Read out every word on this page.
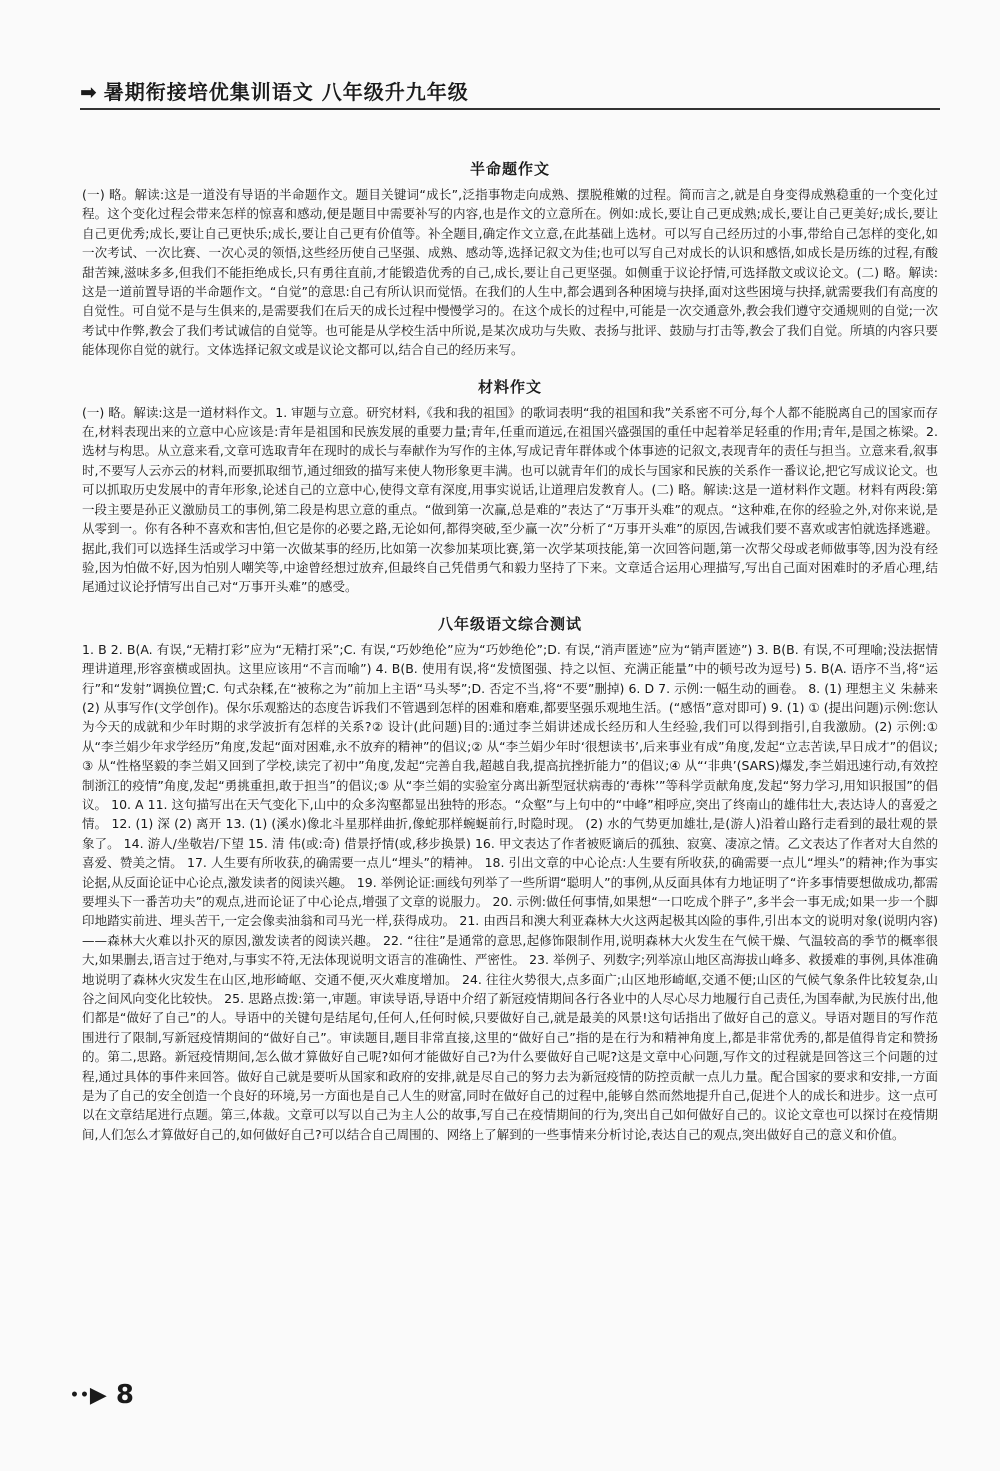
➡ 暑期衔接培优集训语文 八年级升九年级
半命题作文

(一) 略。解读:这是一道没有导语的半命题作文。题目关键词“成长”,泛指事物走向成熟、摆脱稚嫩的过程。简而言之,就是自身变得成熟稳重的一个变化过程。这个变化过程会带来怎样的惊喜和感动,便是题目中需要补写的内容,也是作文的立意所在。例如:成长,要让自己更成熟;成长,要让自己更美好;成长,要让自己更优秀;成长,要让自己更快乐;成长,要让自己更有价值等。补全题目,确定作文立意,在此基础上选材。可以写自己经历过的小事,带给自己怎样的变化,如一次考试、一次比赛、一次心灵的领悟,这些经历使自己坚强、成熟、感动等,选择记叙文为佳;也可以写自己对成长的认识和感悟,如成长是历练的过程,有酸甜苦辣,滋味多多,但我们不能拒绝成长,只有勇往直前,才能锻造优秀的自己,成长,要让自己更坚强。如侧重于议论抒情,可选择散文或议论文。(二) 略。解读:这是一道前置导语的半命题作文。“自觉”的意思:自己有所认识而觉悟。在我们的人生中,都会遇到各种困境与抉择,面对这些困境与抉择,就需要我们有高度的自觉性。可自觉不是与生俱来的,是需要我们在后天的成长过程中慢慢学习的。在这个成长的过程中,可能是一次交通意外,教会我们遵守交通规则的自觉;一次考试中作弊,教会了我们考试诚信的自觉等。也可能是从学校生活中所说,是某次成功与失败、表扬与批评、鼓励与打击等,教会了我们自觉。所填的内容只要能体现你自觉的就行。文体选择记叙文或是议论文都可以,结合自己的经历来写。

材料作文

(一) 略。解读:这是一道材料作文。1. 审题与立意。研究材料,《我和我的祖国》的歌词表明“我的祖国和我”关系密不可分,每个人都不能脱离自己的国家而存在,材料表现出来的立意中心应该是:青年是祖国和民族发展的重要力量;青年,任重而道远,在祖国兴盛强国的重任中起着举足轻重的作用;青年,是国之栋梁。2. 选材与构思。从立意来看,文章可选取青年在现时的成长与奉献作为写作的主体,写成记青年群体或个体事迹的记叙文,表现青年的责任与担当。立意来看,叙事时,不要写人云亦云的材料,而要抓取细节,通过细致的描写来使人物形象更丰满。也可以就青年们的成长与国家和民族的关系作一番议论,把它写成议论文。也可以抓取历史发展中的青年形象,论述自己的立意中心,使得文章有深度,用事实说话,让道理启发教育人。(二) 略。解读:这是一道材料作文题。材料有两段:第一段主要是孙正义激励员工的事例,第二段是构思立意的重点。“做到第一次赢,总是难的”表达了“万事开头难”的观点。“这种难,在你的经验之外,对你来说,是从零到一。你有各种不喜欢和害怕,但它是你的必要之路,无论如何,都得突破,至少赢一次”分析了“万事开头难”的原因,告诫我们要不喜欢或害怕就选择逃避。据此,我们可以选择生活或学习中第一次做某事的经历,比如第一次参加某项比赛,第一次学某项技能,第一次回答问题,第一次帮父母或老师做事等,因为没有经验,因为怕做不好,因为怕别人嘲笑等,中途曾经想过放弃,但最终自己凭借勇气和毅力坚持了下来。文章适合运用心理描写,写出自己面对困难时的矛盾心理,结尾通过议论抒情写出自己对“万事开头难”的感受。

八年级语文综合测试

1. B 2. B(A. 有误,“无精打彩”应为“无精打采”;C. 有误,“巧妙绝伦”应为“巧妙绝伦”;D. 有误,“消声匿迹”应为“销声匿迹”) 3. B(B. 有误,不可理喻;没法据情理讲道理,形容蛮横或固执。这里应该用“不言而喻”) 4. B(B. 使用有误,将“发愤图强、持之以恒、充满正能量”中的顿号改为逗号) 5. B(A. 语序不当,将“运行”和“发射”调换位置;C. 句式杂糅,在“被称之为”前加上主语“马头琴”;D. 否定不当,将“不要”删掉) 6. D 7. 示例:一幅生动的画卷。 8. (1) 理想主义 朱赫来 (2) 从事写作(文学创作)。保尔乐观豁达的态度告诉我们不管遇到怎样的困难和磨难,都要坚强乐观地生活。(“感悟”意对即可) 9. (1) ① (提出问题)示例:您认为今天的成就和少年时期的求学波折有怎样的关系?② 设计(此问题)目的:通过李兰娟讲述成长经历和人生经验,我们可以得到指引,自我激励。(2) 示例:① 从“李兰娟少年求学经历”角度,发起“面对困难,永不放弃的精神”的倡议;② 从“李兰娟少年时‘很想读书’,后来事业有成”角度,发起“立志苦读,早日成才”的倡议;③ 从“性格坚毅的李兰娟又回到了学校,读完了初中”角度,发起“完善自我,超越自我,提高抗挫折能力”的倡议;④ 从“‘非典’(SARS)爆发,李兰娟迅速行动,有效控制浙江的疫情”角度,发起“勇挑重担,敢于担当”的倡议;⑤ 从“李兰娟的实验室分离出新型冠状病毒的‘毒株’”等科学贡献角度,发起“努力学习,用知识报国”的倡议。 10. A 11. 这句描写出在天气变化下,山中的众多沟壑都显出独特的形态。“众壑”与上句中的“中峰”相呼应,突出了终南山的雄伟壮大,表达诗人的喜爱之情。 12. (1) 深 (2) 离开 13. (1) (溪水)像北斗星那样曲折,像蛇那样蜿蜒前行,时隐时现。 (2) 水的气势更加雄壮,是(游人)沿着山路行走看到的最壮观的景象了。 14. 游人/坐敬岩/下望 15. 清 伟(或:奇) 借景抒情(或,移步换景) 16. 甲文表达了作者被贬谪后的孤独、寂寞、凄凉之情。乙文表达了作者对大自然的喜爱、赞美之情。 17. 人生要有所收获,的确需要一点儿“埋头”的精神。 18. 引出文章的中心论点:人生要有所收获,的确需要一点儿“埋头”的精神;作为事实论据,从反面论证中心论点,激发读者的阅读兴趣。 19. 举例论证:画线句列举了一些所谓“聪明人”的事例,从反面具体有力地证明了“许多事情要想做成功,都需要埋头下一番苦功夫”的观点,进而论证了中心论点,增强了文章的说服力。 20. 示例:做任何事情,如果想“一口吃成个胖子”,多半会一事无成;如果一步一个脚印地踏实前进、埋头苦干,一定会像卖油翁和司马光一样,获得成功。 21. 由西吕和澳大利亚森林大火这两起极其凶险的事件,引出本文的说明对象(说明内容)——森林大火难以扑灭的原因,激发读者的阅读兴趣。 22. “往往”是通常的意思,起修饰限制作用,说明森林大火发生在气候干燥、气温较高的季节的概率很大,如果删去,语言过于绝对,与事实不符,无法体现说明文语言的准确性、严密性。 23. 举例子、列数字;列举凉山地区高海拔山峰多、救援难的事例,具体准确地说明了森林火灾发生在山区,地形崎岖、交通不便,灭火难度增加。 24. 往往火势很大,点多面广;山区地形崎岖,交通不便;山区的气候气象条件比较复杂,山谷之间风向变化比较快。 25. 思路点拨:第一,审题。审读导语,导语中介绍了新冠疫情期间各行各业中的人尽心尽力地履行自己责任,为国奉献,为民族付出,他们都是“做好了自己”的人。导语中的关键句是结尾句,任何人,任何时候,只要做好自己,就是最美的风景!这句话指出了做好自己的意义。导语对题目的写作范围进行了限制,写新冠疫情期间的“做好自己”。审读题目,题目非常直接,这里的“做好自己”指的是在行为和精神角度上,都是非常优秀的,都是值得肯定和赞扬的。第二,思路。新冠疫情期间,怎么做才算做好自己呢?如何才能做好自己?为什么要做好自己呢?这是文章中心问题,写作文的过程就是回答这三个问题的过程,通过具体的事件来回答。做好自己就是要听从国家和政府的安排,就是尽自己的努力去为新冠疫情的防控贡献一点儿力量。配合国家的要求和安排,一方面是为了自己的安全创造一个良好的环境,另一方面也是自己人生的财富,同时在做好自己的过程中,能够自然而然地提升自己,促进个人的成长和进步。这一点可以在文章结尾进行点题。第三,体裁。文章可以写以自己为主人公的故事,写自己在疫情期间的行为,突出自己如何做好自己的。议论文章也可以探讨在疫情期间,人们怎么才算做好自己的,如何做好自己?可以结合自己周围的、网络上了解到的一些事情来分析讨论,表达自己的观点,突出做好自己的意义和价值。

••▶ 8
